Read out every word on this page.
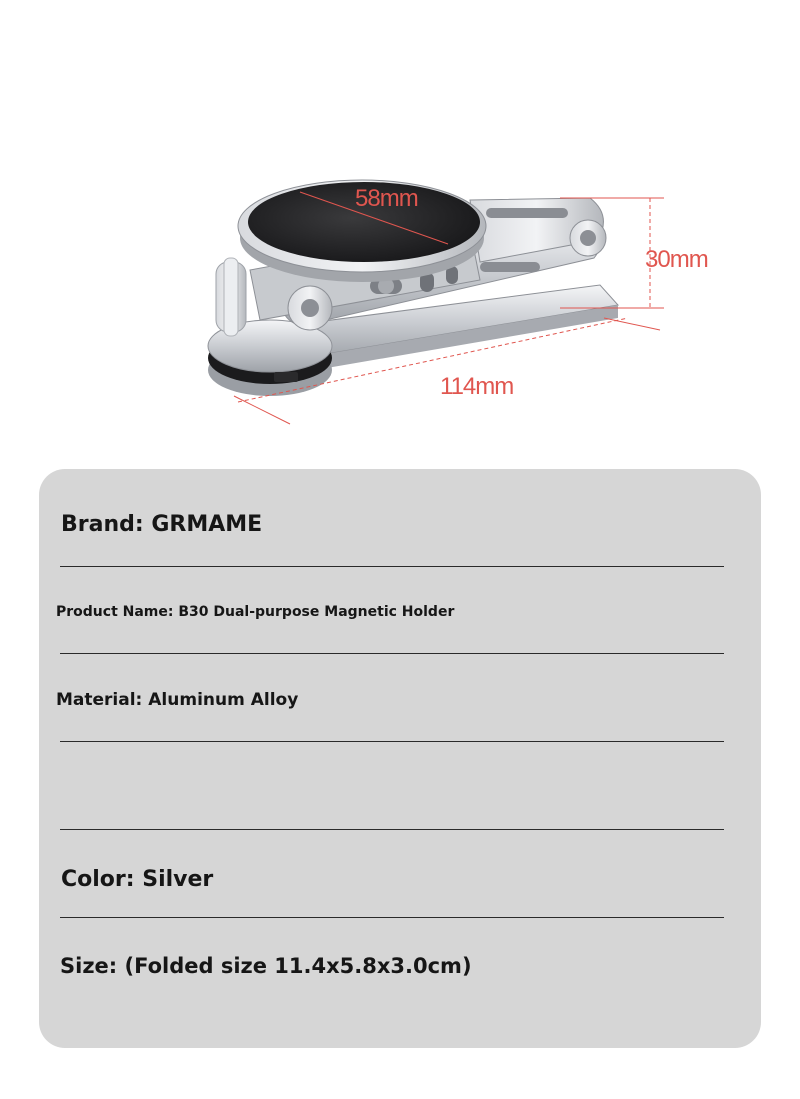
58mm
30mm
114mm
Brand: GRMAME
Product Name: B30 Dual-purpose Magnetic Holder
Material: Aluminum Alloy
Color: Silver
Size: (Folded size 11.4x5.8x3.0cm)
